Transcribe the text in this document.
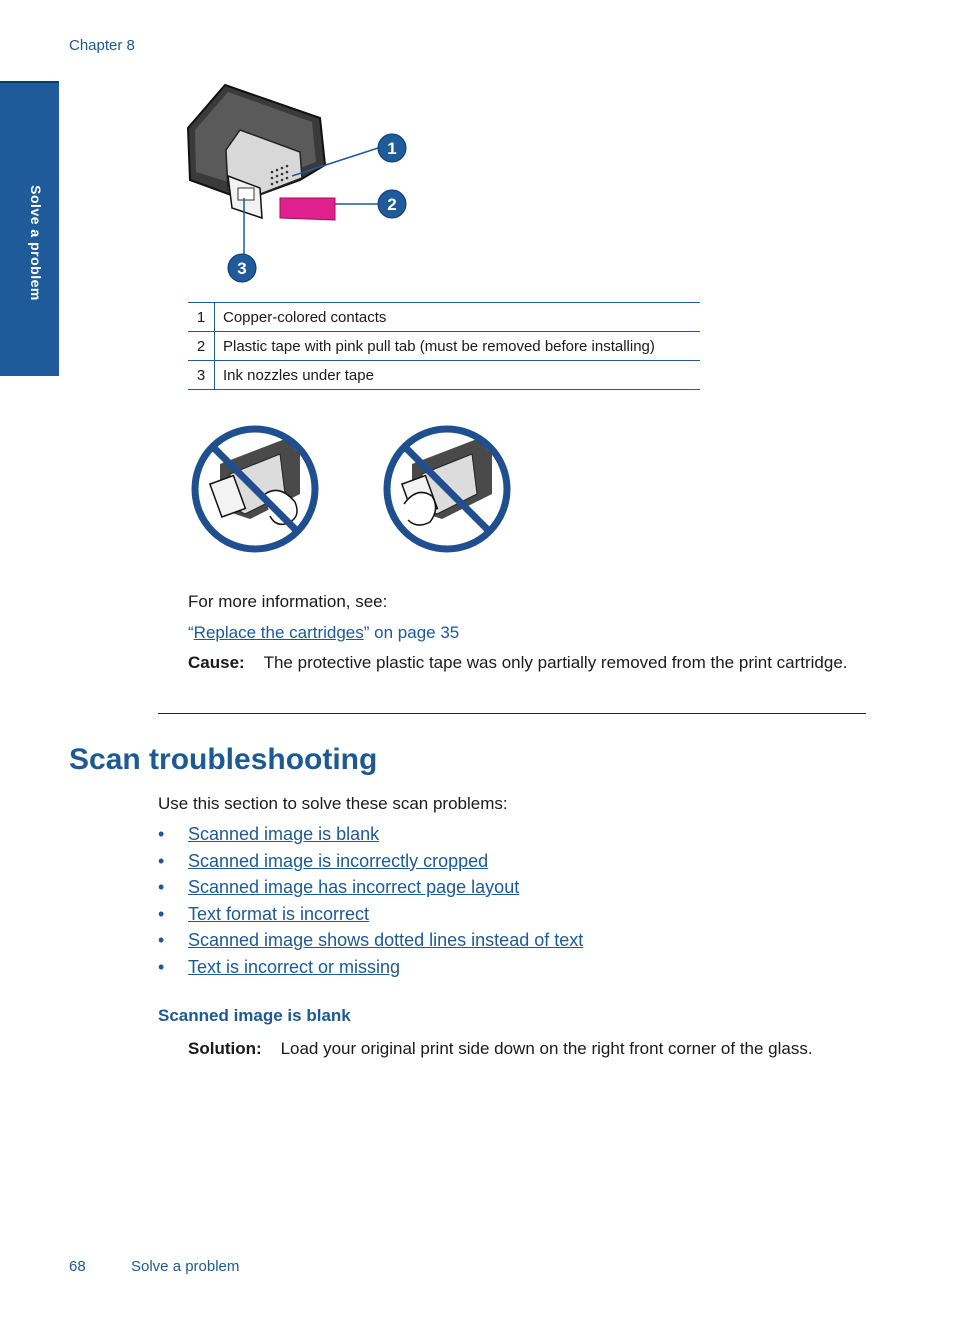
Chapter 8
Solve a problem
1
2
3
1	Copper-colored contacts
2	Plastic tape with pink pull tab (must be removed before installing)
3	Ink nozzles under tape
For more information, see:
“Replace the cartridges” on page 35
Cause: The protective plastic tape was only partially removed from the print cartridge.
Scan troubleshooting
Use this section to solve these scan problems:
• Scanned image is blank
• Scanned image is incorrectly cropped
• Scanned image has incorrect page layout
• Text format is incorrect
• Scanned image shows dotted lines instead of text
• Text is incorrect or missing
Scanned image is blank
Solution: Load your original print side down on the right front corner of the glass.
68	Solve a problem
